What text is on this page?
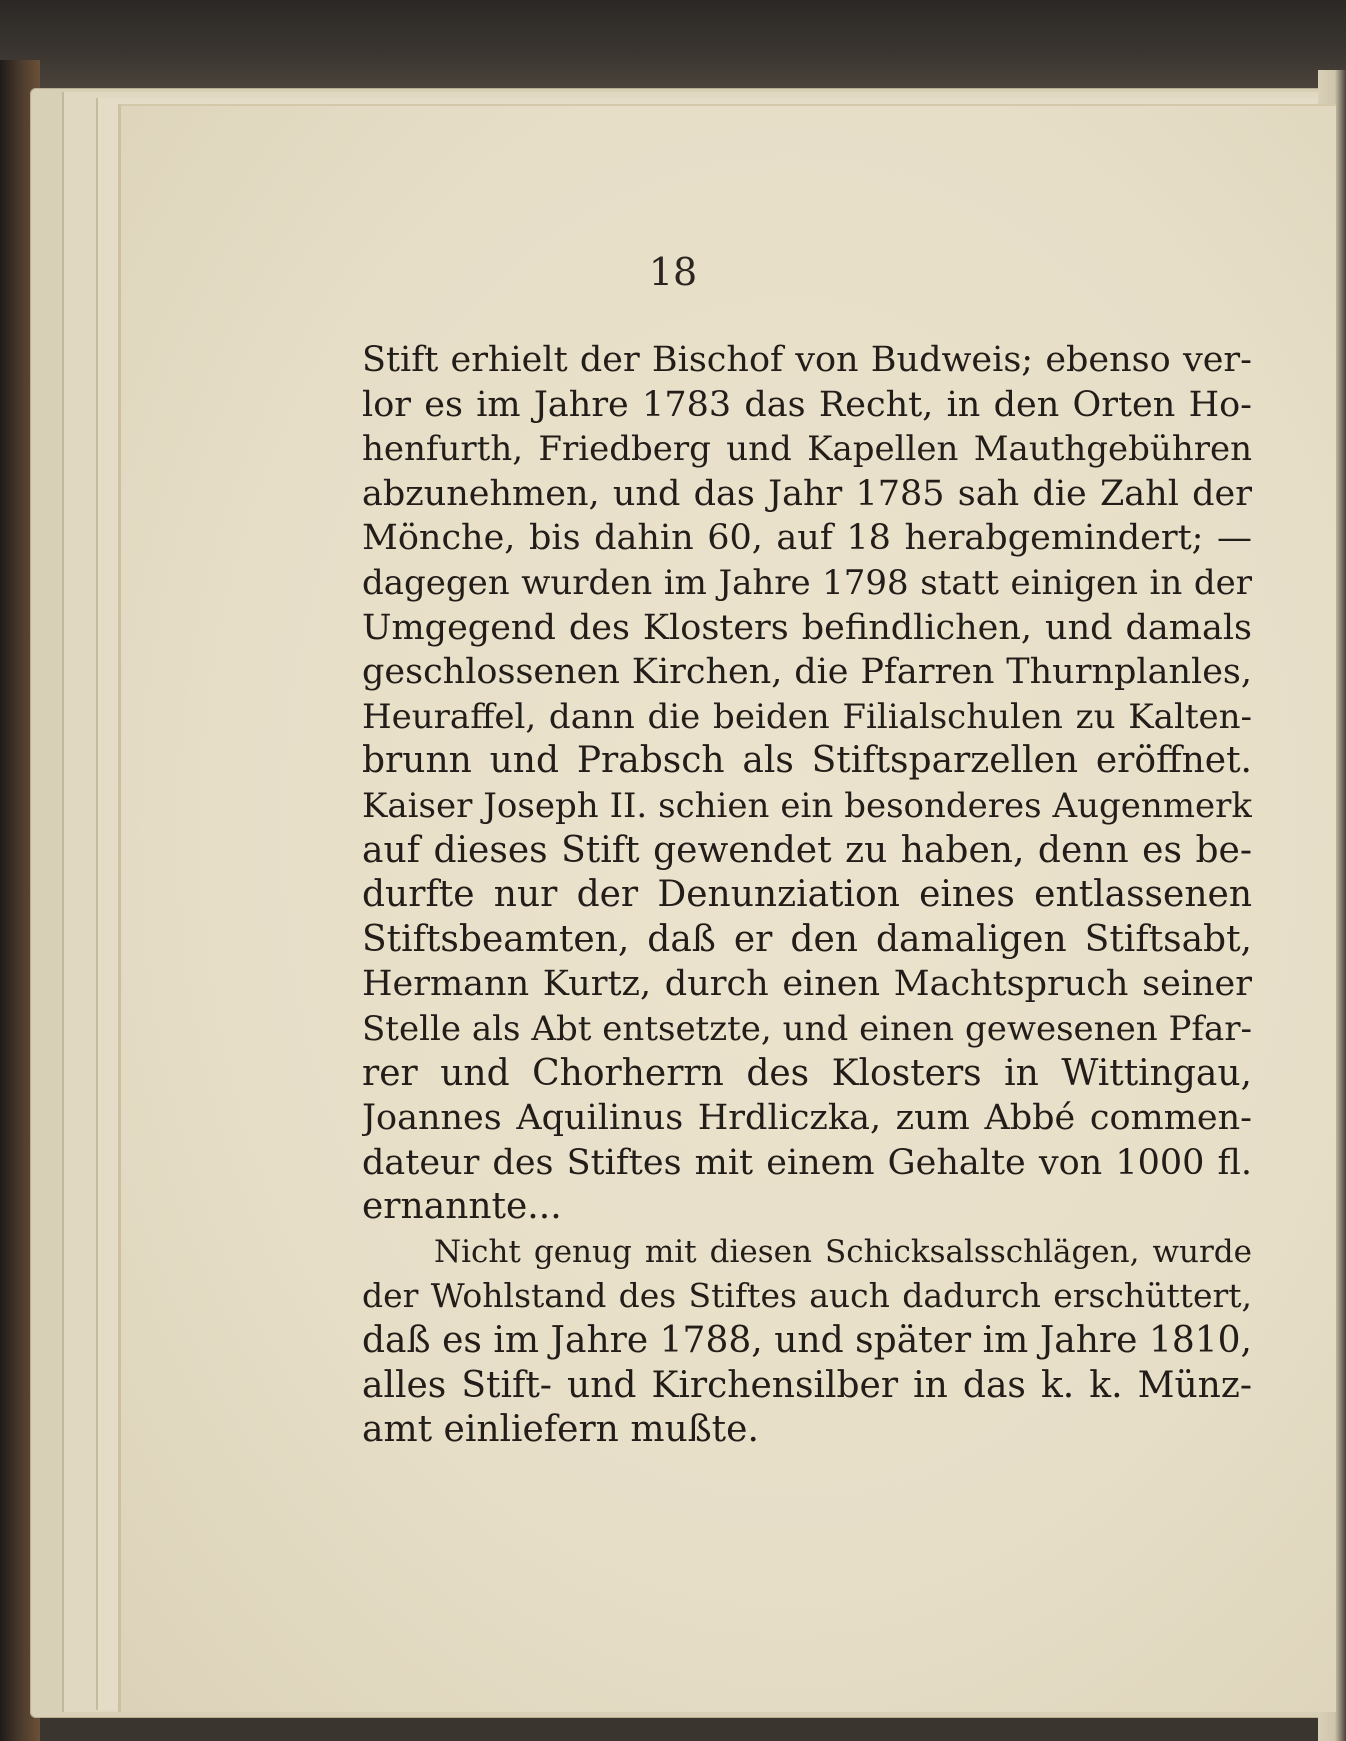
18
Stift erhielt der Bischof von Budweis; ebenso ver-
lor es im Jahre 1783 das Recht, in den Orten Ho-
henfurth, Friedberg und Kapellen Mauthgebühren
abzunehmen, und das Jahr 1785 sah die Zahl der
Mönche, bis dahin 60, auf 18 herabgemindert; —
dagegen wurden im Jahre 1798 statt einigen in der
Umgegend des Klosters befindlichen, und damals
geschlossenen Kirchen, die Pfarren Thurnplanles,
Heuraffel, dann die beiden Filialschulen zu Kalten-
brunn und Prabsch als Stiftsparzellen eröffnet.
Kaiser Joseph II. schien ein besonderes Augenmerk
auf dieses Stift gewendet zu haben, denn es be-
durfte nur der Denunziation eines entlassenen
Stiftsbeamten, daß er den damaligen Stiftsabt,
Hermann Kurtz, durch einen Machtspruch seiner
Stelle als Abt entsetzte, und einen gewesenen Pfar-
rer und Chorherrn des Klosters in Wittingau,
Joannes Aquilinus Hrdliczka, zum Abbé commen-
dateur des Stiftes mit einem Gehalte von 1000 fl.
ernannte...
Nicht genug mit diesen Schicksalsschlägen, wurde
der Wohlstand des Stiftes auch dadurch erschüttert,
daß es im Jahre 1788, und später im Jahre 1810,
alles Stift- und Kirchensilber in das k. k. Münz-
amt einliefern mußte.
